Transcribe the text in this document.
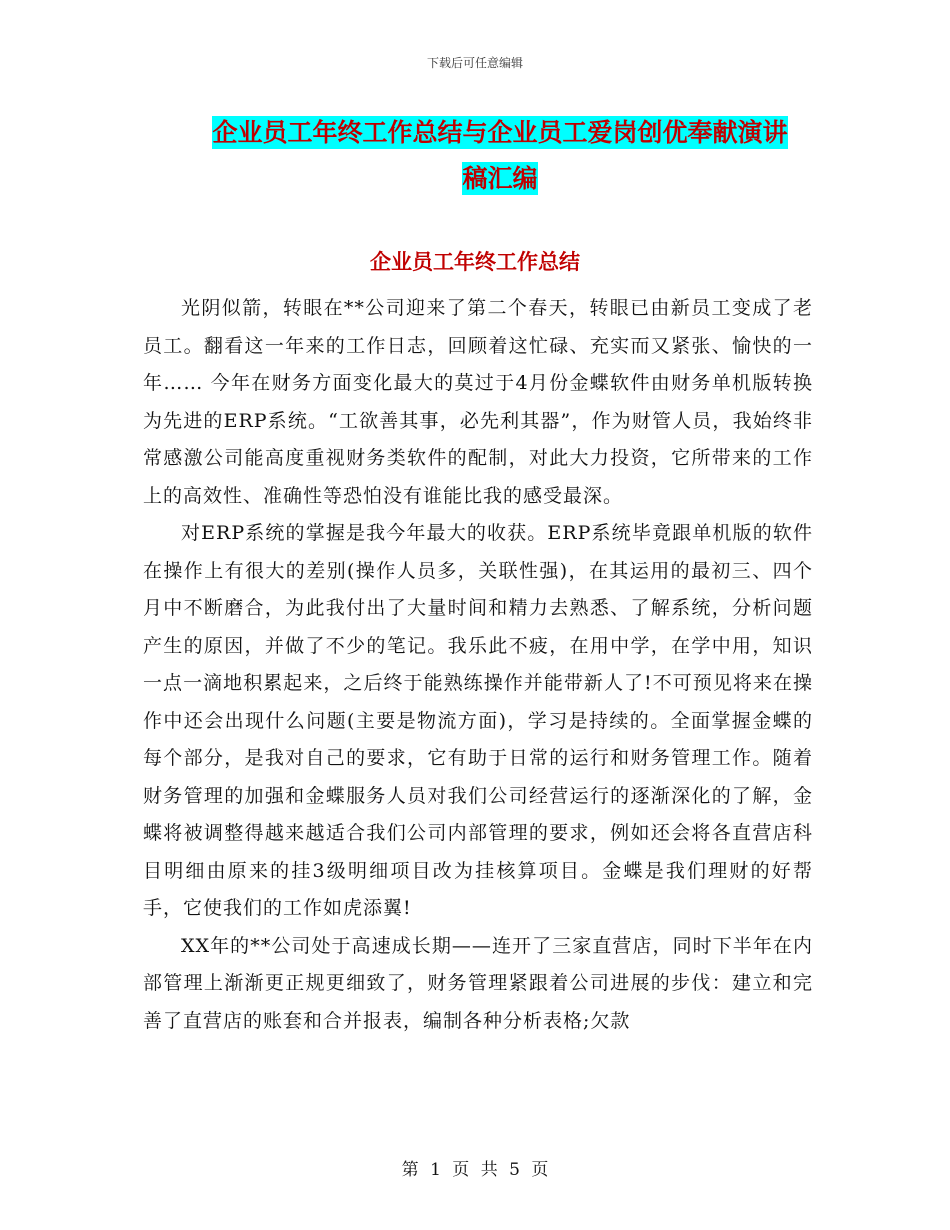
下载后可任意编辑
企业员工年终工作总结与企业员工爱岗创优奉献演讲
稿汇编
企业员工年终工作总结

光阴似箭，转眼在**公司迎来了第二个春天，转眼已由新员工变成了老员工。翻看这一年来的工作日志，回顾着这忙碌、充实而又紧张、愉快的一年…… 今年在财务方面变化最大的莫过于4月份金蝶软件由财务单机版转换为先进的ERP系统。“工欲善其事，必先利其器”，作为财管人员，我始终非常感激公司能高度重视财务类软件的配制，对此大力投资，它所带来的工作上的高效性、准确性等恐怕没有谁能比我的感受最深。

对ERP系统的掌握是我今年最大的收获。ERP系统毕竟跟单机版的软件在操作上有很大的差别(操作人员多，关联性强)，在其运用的最初三、四个月中不断磨合，为此我付出了大量时间和精力去熟悉、了解系统，分析问题产生的原因，并做了不少的笔记。我乐此不疲，在用中学，在学中用，知识一点一滴地积累起来，之后终于能熟练操作并能带新人了!不可预见将来在操作中还会出现什么问题(主要是物流方面)，学习是持续的。全面掌握金蝶的每个部分，是我对自己的要求，它有助于日常的运行和财务管理工作。随着财务管理的加强和金蝶服务人员对我们公司经营运行的逐渐深化的了解，金蝶将被调整得越来越适合我们公司内部管理的要求，例如还会将各直营店科目明细由原来的挂3级明细项目改为挂核算项目。金蝶是我们理财的好帮手，它使我们的工作如虎添翼!

XX年的**公司处于高速成长期——连开了三家直营店，同时下半年在内部管理上渐渐更正规更细致了，财务管理紧跟着公司进展的步伐：建立和完善了直营店的账套和合并报表，编制各种分析表格;欠款

第 1 页 共 5 页
